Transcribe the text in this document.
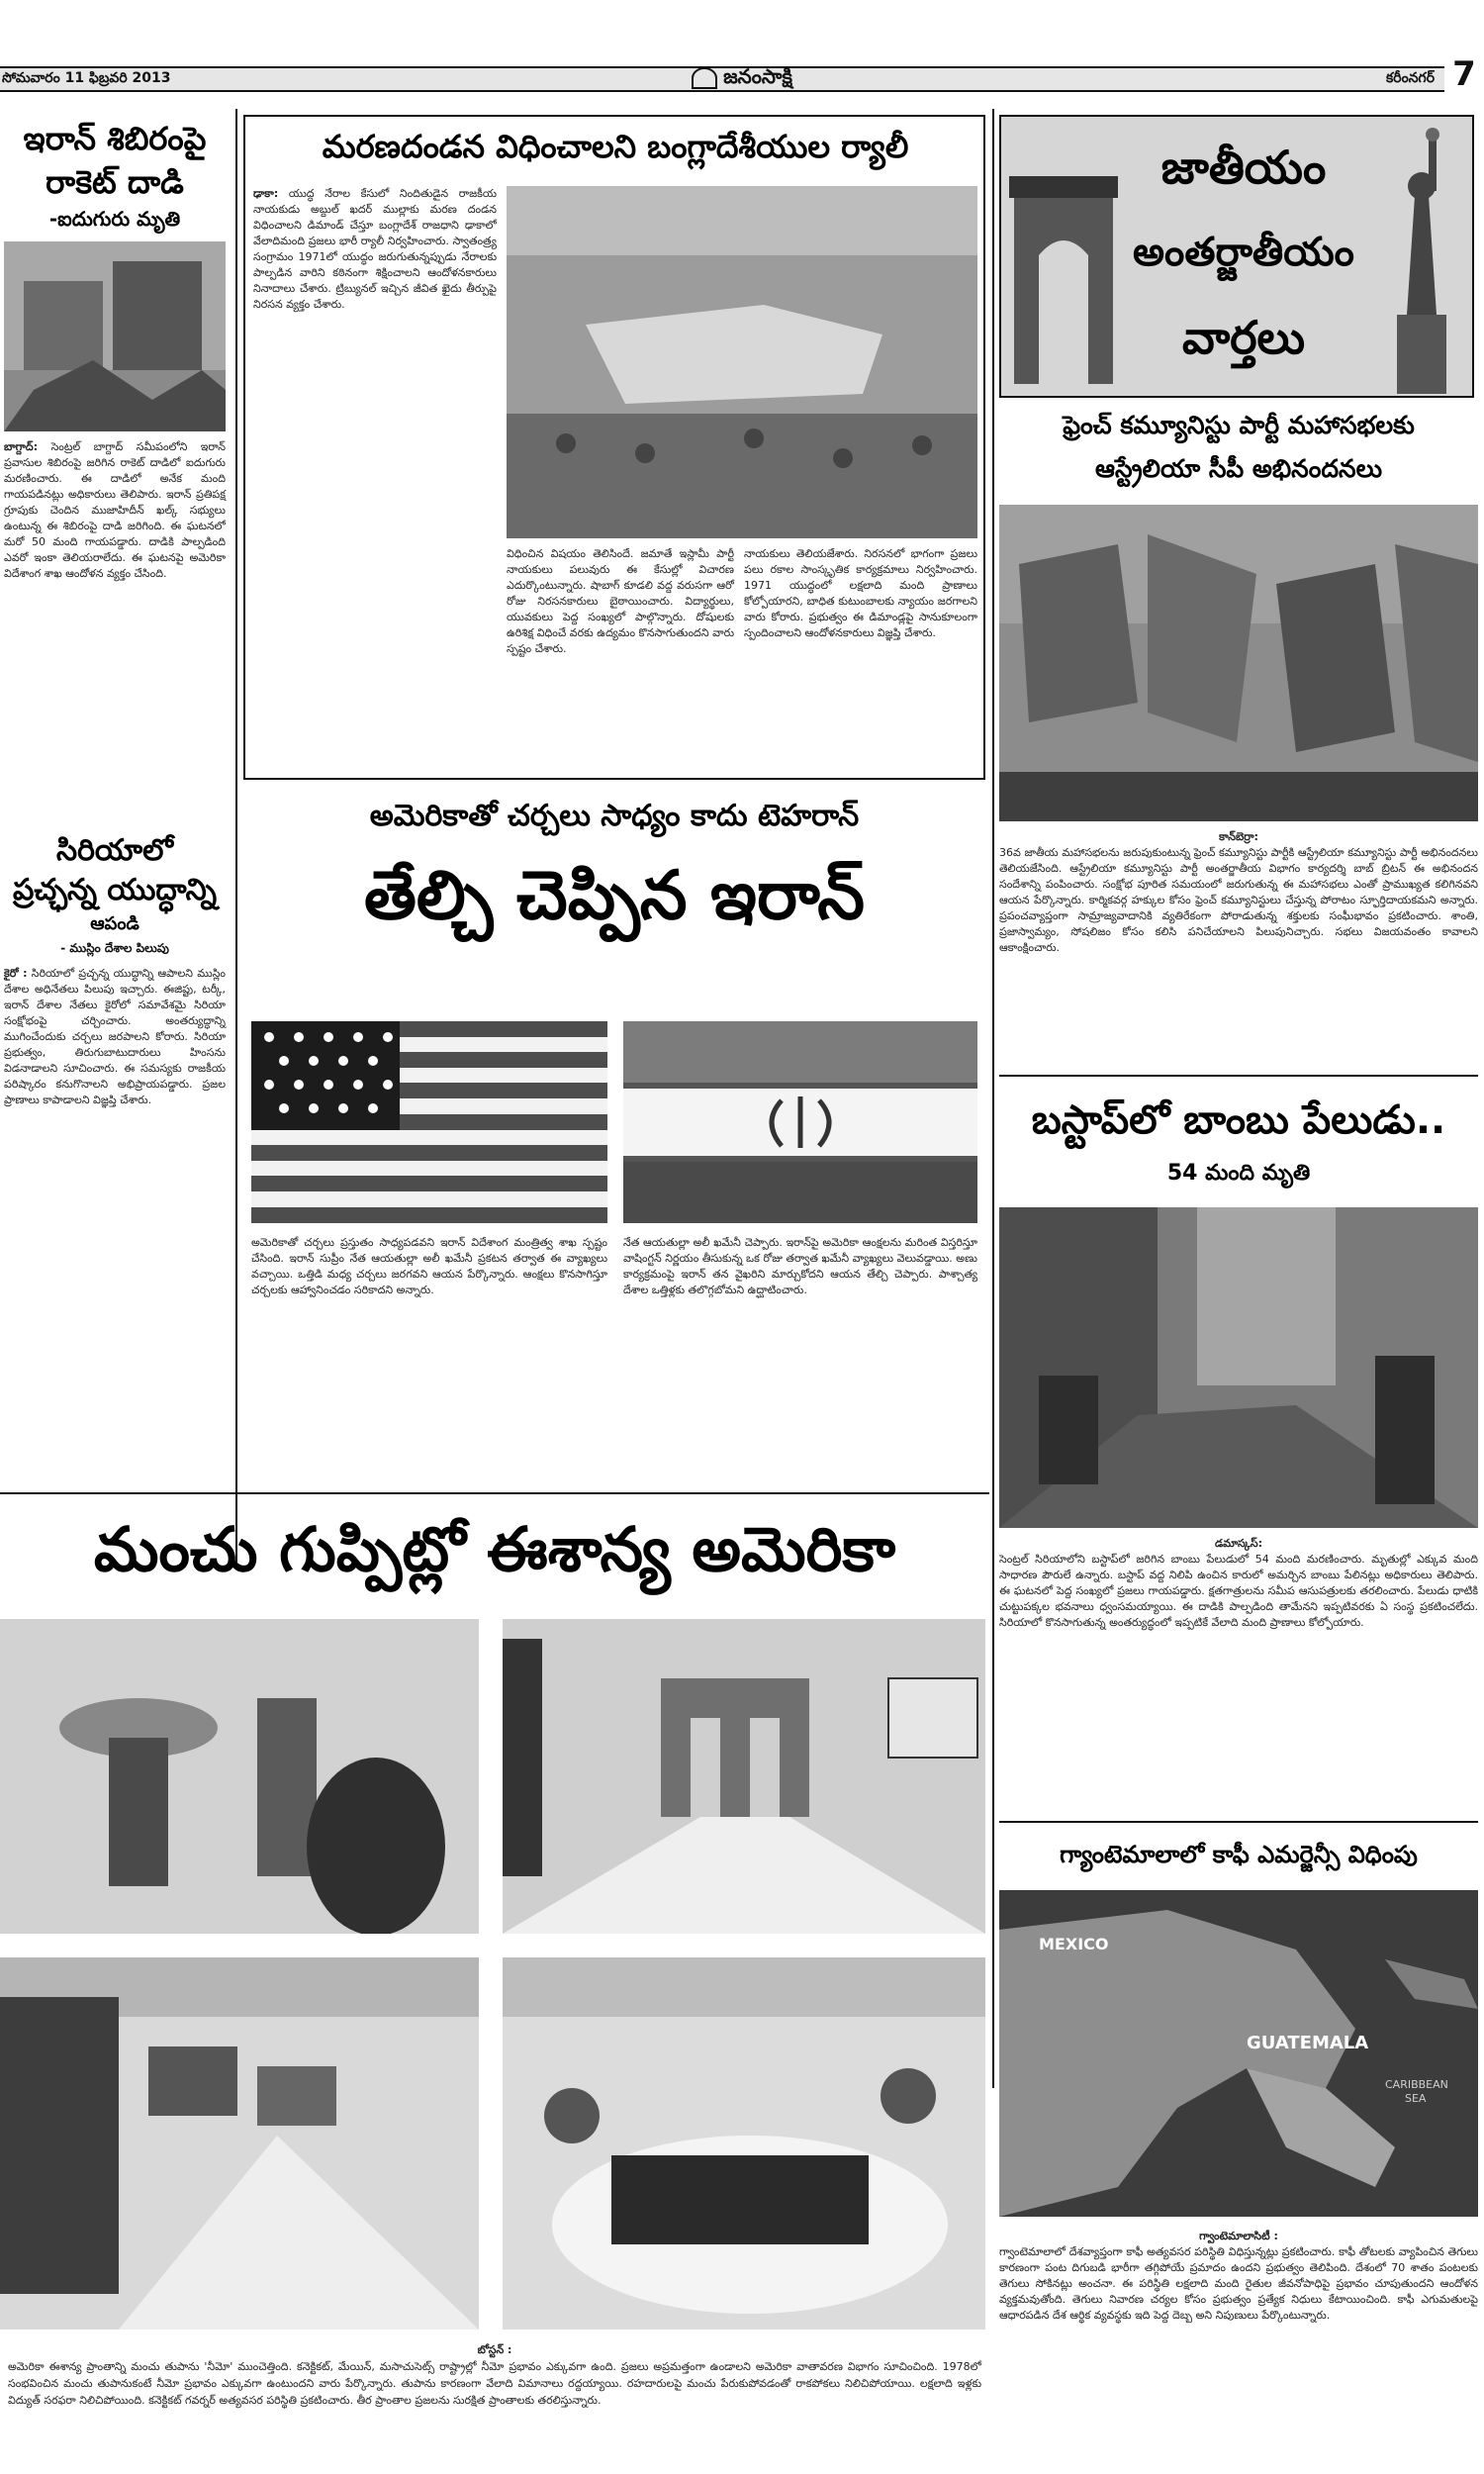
సోమవారం 11 ఫిబ్రవరి 2013	జనంసాక్షి	కరీంనగర్ 7
ఇరాన్ శిబిరంపై
రాకెట్ దాడి
-ఐదుగురు మృతి
బాగ్దాద్: సెంట్రల్ బాగ్దాద్ సమీపంలోని ఇరాన్ ప్రవాసుల శిబిరంపై జరిగిన రాకెట్ దాడిలో ఐదుగురు మరణించారు. ఈ దాడిలో అనేక మంది గాయపడినట్లు అధికారులు తెలిపారు. ఇరాన్ ప్రతిపక్ష గ్రూపుకు చెందిన ముజాహిదీన్ ఖల్క్ సభ్యులు ఉంటున్న ఈ శిబిరంపై దాడి జరిగింది. ఈ ఘటనలో మరో 50 మంది గాయపడ్డారు. దాడికి పాల్పడింది ఎవరో ఇంకా తెలియరాలేదు. ఈ ఘటనపై అమెరికా విదేశాంగ శాఖ ఆందోళన వ్యక్తం చేసింది.
సిరియాలో
ప్రచ్ఛన్న యుద్ధాన్ని
ఆపండి
- ముస్లిం దేశాల పిలుపు
కైరో : సిరియాలో ప్రచ్ఛన్న యుద్ధాన్ని ఆపాలని ముస్లిం దేశాల అధినేతలు పిలుపు ఇచ్చారు. ఈజిప్టు, టర్కీ, ఇరాన్ దేశాల నేతలు కైరోలో సమావేశమై సిరియా సంక్షోభంపై చర్చించారు. అంతర్యుద్ధాన్ని ముగించేందుకు చర్చలు జరపాలని కోరారు. సిరియా ప్రభుత్వం, తిరుగుబాటుదారులు హింసను విడనాడాలని సూచించారు. ఈ సమస్యకు రాజకీయ పరిష్కారం కనుగొనాలని అభిప్రాయపడ్డారు. ప్రజల ప్రాణాలు కాపాడాలని విజ్ఞప్తి చేశారు.
మరణదండన విధించాలని బంగ్లాదేశీయుల ర్యాలీ
ఢాకా: యుద్ధ నేరాల కేసులో నిందితుడైన రాజకీయ నాయకుడు అబ్దుల్ ఖదర్ ముల్లాకు మరణ దండన విధించాలని డిమాండ్ చేస్తూ బంగ్లాదేశ్ రాజధాని ఢాకాలో వేలాదిమంది ప్రజలు భారీ ర్యాలీ నిర్వహించారు. స్వాతంత్ర్య సంగ్రామం 1971లో యుద్ధం జరుగుతున్నప్పుడు నేరాలకు పాల్పడిన వారిని కఠినంగా శిక్షించాలని ఆందోళనకారులు నినాదాలు చేశారు. ట్రిబ్యునల్ ఇచ్చిన జీవిత ఖైదు తీర్పుపై నిరసన వ్యక్తం చేశారు.
విధించిన విషయం తెలిసిందే. జమాతే ఇస్లామీ పార్టీ నాయకులు పలువురు ఈ కేసుల్లో విచారణ ఎదుర్కొంటున్నారు. షాబాగ్ కూడలి వద్ద వరుసగా ఆరో రోజు నిరసనకారులు బైఠాయించారు. విద్యార్థులు, యువకులు పెద్ద సంఖ్యలో పాల్గొన్నారు. దోషులకు ఉరిశిక్ష విధించే వరకు ఉద్యమం కొనసాగుతుందని వారు స్పష్టం చేశారు.
నాయకులు తెలియజేశారు. నిరసనలో భాగంగా ప్రజలు పలు రకాల సాంస్కృతిక కార్యక్రమాలు నిర్వహించారు. 1971 యుద్ధంలో లక్షలాది మంది ప్రాణాలు కోల్పోయారని, బాధిత కుటుంబాలకు న్యాయం జరగాలని వారు కోరారు. ప్రభుత్వం ఈ డిమాండ్లపై సానుకూలంగా స్పందించాలని ఆందోళనకారులు విజ్ఞప్తి చేశారు.
అమెరికాతో చర్చలు సాధ్యం కాదు టెహరాన్
తేల్చి చెప్పిన ఇరాన్
అమెరికాతో చర్చలు ప్రస్తుతం సాధ్యపడవని ఇరాన్ విదేశాంగ మంత్రిత్వ శాఖ స్పష్టం చేసింది. ఇరాన్ సుప్రీం నేత ఆయతుల్లా అలీ ఖమేనీ ప్రకటన తర్వాత ఈ వ్యాఖ్యలు వచ్చాయి. ఒత్తిడి మధ్య చర్చలు జరగవని ఆయన పేర్కొన్నారు. ఆంక్షలు కొనసాగిస్తూ చర్చలకు ఆహ్వానించడం సరికాదని అన్నారు.
నేత ఆయతుల్లా అలీ ఖమేనీ చెప్పారు. ఇరాన్‌పై అమెరికా ఆంక్షలను మరింత విస్తరిస్తూ వాషింగ్టన్ నిర్ణయం తీసుకున్న ఒక రోజు తర్వాత ఖమేనీ వ్యాఖ్యలు వెలువడ్డాయి. అణు కార్యక్రమంపై ఇరాన్ తన వైఖరిని మార్చుకోదని ఆయన తేల్చి చెప్పారు. పాశ్చాత్య దేశాల ఒత్తిళ్లకు తలొగ్గబోమని ఉద్ఘాటించారు.
మంచు గుప్పిట్లో ఈశాన్య అమెరికా
బోస్టన్ :
అమెరికా ఈశాన్య ప్రాంతాన్ని మంచు తుపాను 'నీమో' ముంచెత్తింది. కనెక్టికట్, మేయిన్, మసాచుసెట్స్ రాష్ట్రాల్లో నీమో ప్రభావం ఎక్కువగా ఉంది. ప్రజలు అప్రమత్తంగా ఉండాలని అమెరికా వాతావరణ విభాగం సూచించింది. 1978లో సంభవించిన మంచు తుపానుకంటే నీమో ప్రభావం ఎక్కువగా ఉంటుందని వారు పేర్కొన్నారు. తుపాను కారణంగా వేలాది విమానాలు రద్దయ్యాయి. రహదారులపై మంచు పేరుకుపోవడంతో రాకపోకలు నిలిచిపోయాయి. లక్షలాది ఇళ్లకు విద్యుత్ సరఫరా నిలిచిపోయింది. కనెక్టికట్ గవర్నర్ అత్యవసర పరిస్థితి ప్రకటించారు. తీర ప్రాంతాల ప్రజలను సురక్షిత ప్రాంతాలకు తరలిస్తున్నారు.
జాతీయం
అంతర్జాతీయం
వార్తలు
ఫ్రెంచ్ కమ్యూనిస్టు పార్టీ మహాసభలకు
ఆస్ట్రేలియా సీపీ అభినందనలు
కాన్‌బెర్రా:
36వ జాతీయ మహాసభలను జరుపుకుంటున్న ఫ్రెంచ్ కమ్యూనిస్టు పార్టీకి ఆస్ట్రేలియా కమ్యూనిస్టు పార్టీ అభినందనలు తెలియజేసింది. ఆస్ట్రేలియా కమ్యూనిస్టు పార్టీ అంతర్జాతీయ విభాగం కార్యదర్శి బాబ్ బ్రిటన్ ఈ అభినందన సందేశాన్ని పంపించారు. సంక్షోభ పూరిత సమయంలో జరుగుతున్న ఈ మహాసభలు ఎంతో ప్రాముఖ్యత కలిగినవని ఆయన పేర్కొన్నారు. కార్మికవర్గ హక్కుల కోసం ఫ్రెంచ్ కమ్యూనిస్టులు చేస్తున్న పోరాటం స్ఫూర్తిదాయకమని అన్నారు. ప్రపంచవ్యాప్తంగా సామ్రాజ్యవాదానికి వ్యతిరేకంగా పోరాడుతున్న శక్తులకు సంఘీభావం ప్రకటించారు. శాంతి, ప్రజాస్వామ్యం, సోషలిజం కోసం కలిసి పనిచేయాలని పిలుపునిచ్చారు. సభలు విజయవంతం కావాలని ఆకాంక్షించారు.
బస్టాప్‌లో బాంబు పేలుడు..
54 మంది మృతి
డమాస్కస్:
సెంట్రల్ సిరియాలోని బస్టాప్‌లో జరిగిన బాంబు పేలుడులో 54 మంది మరణించారు. మృతుల్లో ఎక్కువ మంది సాధారణ పౌరులే ఉన్నారు. బస్టాప్ వద్ద నిలిపి ఉంచిన కారులో అమర్చిన బాంబు పేలినట్లు అధికారులు తెలిపారు. ఈ ఘటనలో పెద్ద సంఖ్యలో ప్రజలు గాయపడ్డారు. క్షతగాత్రులను సమీప ఆసుపత్రులకు తరలించారు. పేలుడు ధాటికి చుట్టుపక్కల భవనాలు ధ్వంసమయ్యాయి. ఈ దాడికి పాల్పడింది తామేనని ఇప్పటివరకు ఏ సంస్థ ప్రకటించలేదు. సిరియాలో కొనసాగుతున్న అంతర్యుద్ధంలో ఇప్పటికే వేలాది మంది ప్రాణాలు కోల్పోయారు.
గ్యాంటెమాలాలో కాఫీ ఎమర్జెన్సీ విధింపు
MEXICO
GUATEMALA
CARIBBEAN
SEA
గ్వాంటెమాలాసిటీ :
గ్వాంటెమాలాలో దేశవ్యాప్తంగా కాఫీ అత్యవసర పరిస్థితి విధిస్తున్నట్లు ప్రకటించారు. కాఫీ తోటలకు వ్యాపించిన తెగులు కారణంగా పంట దిగుబడి భారీగా తగ్గిపోయే ప్రమాదం ఉందని ప్రభుత్వం తెలిపింది. దేశంలో 70 శాతం పంటలకు తెగులు సోకినట్లు అంచనా. ఈ పరిస్థితి లక్షలాది మంది రైతుల జీవనోపాధిపై ప్రభావం చూపుతుందని ఆందోళన వ్యక్తమవుతోంది. తెగులు నివారణ చర్యల కోసం ప్రభుత్వం ప్రత్యేక నిధులు కేటాయించింది. కాఫీ ఎగుమతులపై ఆధారపడిన దేశ ఆర్థిక వ్యవస్థకు ఇది పెద్ద దెబ్బ అని నిపుణులు పేర్కొంటున్నారు.
